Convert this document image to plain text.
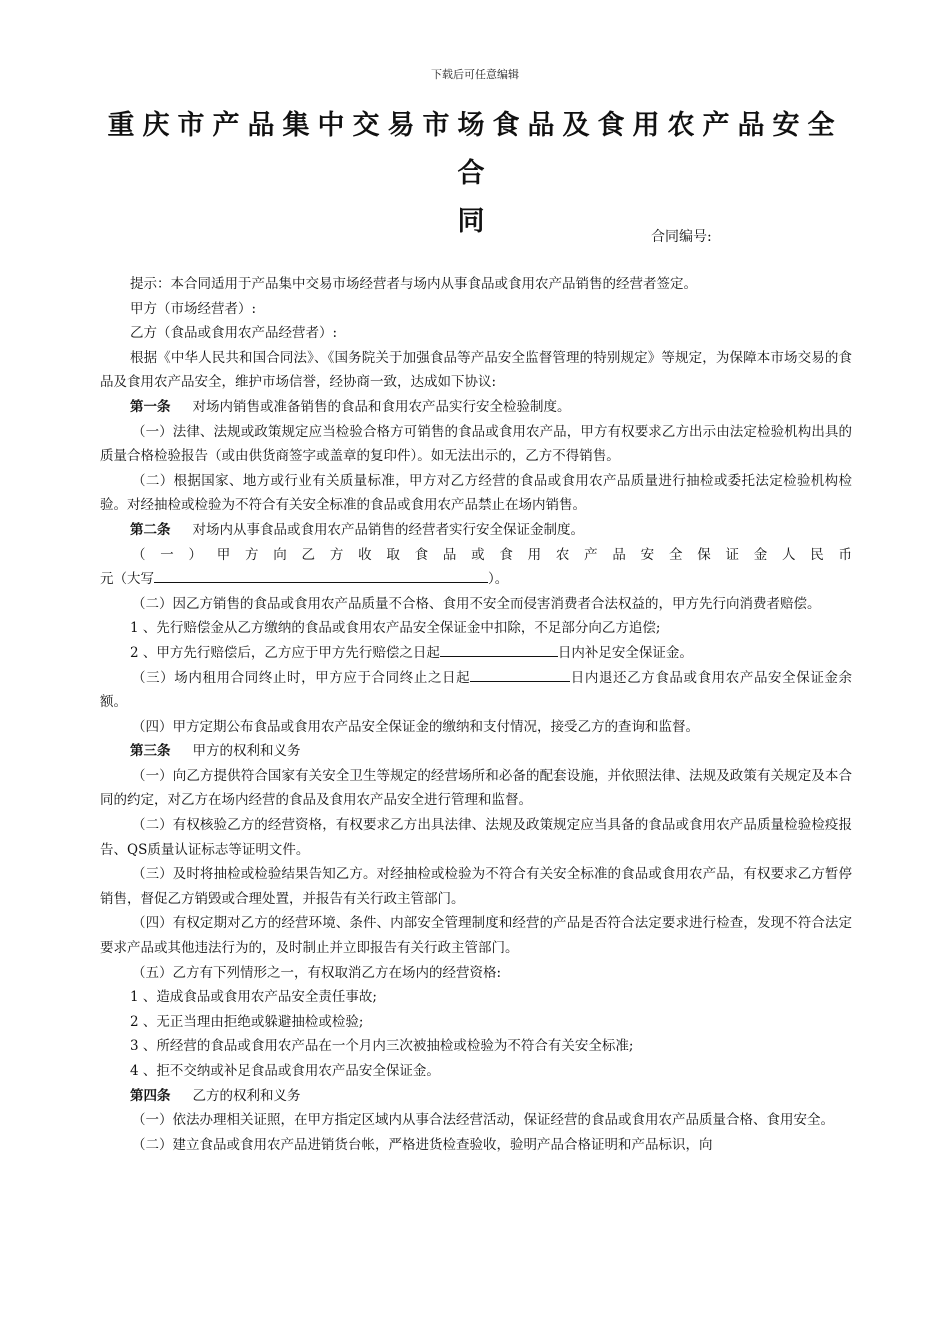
下载后可任意编辑
重庆市产品集中交易市场食品及食用农产品安全合
同	合同编号:

提示：本合同适用于产品集中交易市场经营者与场内从事食品或食用农产品销售的经营者签定。

甲方（市场经营者）:

乙方（食品或食用农产品经营者）:

根据《中华人民共和国合同法》、《国务院关于加强食品等产品安全监督管理的特别规定》等规定，为保障本市场交易的食品及食用农产品安全，维护市场信誉，经协商一致，达成如下协议:

第一条 对场内销售或准备销售的食品和食用农产品实行安全检验制度。

（一）法律、法规或政策规定应当检验合格方可销售的食品或食用农产品，甲方有权要求乙方出示由法定检验机构出具的质量合格检验报告（或由供货商签字或盖章的复印件）。如无法出示的，乙方不得销售。

（二）根据国家、地方或行业有关质量标准，甲方对乙方经营的食品或食用农产品质量进行抽检或委托法定检验机构检验。对经抽检或检验为不符合有关安全标准的食品或食用农产品禁止在场内销售。

第二条 对场内从事食品或食用农产品销售的经营者实行安全保证金制度。

（一）甲方向乙方收取食品或食用农产品安全保证金人民币

元（大写	）。

（二）因乙方销售的食品或食用农产品质量不合格、食用不安全而侵害消费者合法权益的，甲方先行向消费者赔偿。

1 、先行赔偿金从乙方缴纳的食品或食用农产品安全保证金中扣除，不足部分向乙方追偿;

2 、甲方先行赔偿后，乙方应于甲方先行赔偿之日起	日内补足安全保证金。

（三）场内租用合同终止时，甲方应于合同终止之日起	日内退还乙方食品或食用农产品安全保证金余额。

（四）甲方定期公布食品或食用农产品安全保证金的缴纳和支付情况，接受乙方的查询和监督。

第三条 甲方的权利和义务

（一）向乙方提供符合国家有关安全卫生等规定的经营场所和必备的配套设施，并依照法律、法规及政策有关规定及本合同的约定，对乙方在场内经营的食品及食用农产品安全进行管理和监督。

（二）有权核验乙方的经营资格，有权要求乙方出具法律、法规及政策规定应当具备的食品或食用农产品质量检验检疫报告、QS质量认证标志等证明文件。

（三）及时将抽检或检验结果告知乙方。对经抽检或检验为不符合有关安全标准的食品或食用农产品，有权要求乙方暂停销售，督促乙方销毁或合理处置，并报告有关行政主管部门。

（四）有权定期对乙方的经营环境、条件、内部安全管理制度和经营的产品是否符合法定要求进行检查，发现不符合法定要求产品或其他违法行为的，及时制止并立即报告有关行政主管部门。

（五）乙方有下列情形之一，有权取消乙方在场内的经营资格:

1 、造成食品或食用农产品安全责任事故;

2 、无正当理由拒绝或躲避抽检或检验;

3 、所经营的食品或食用农产品在一个月内三次被抽检或检验为不符合有关安全标准;

4 、拒不交纳或补足食品或食用农产品安全保证金。

第四条 乙方的权利和义务

（一）依法办理相关证照，在甲方指定区域内从事合法经营活动，保证经营的食品或食用农产品质量合格、食用安全。

（二）建立食品或食用农产品进销货台帐，严格进货检查验收，验明产品合格证明和产品标识，向
